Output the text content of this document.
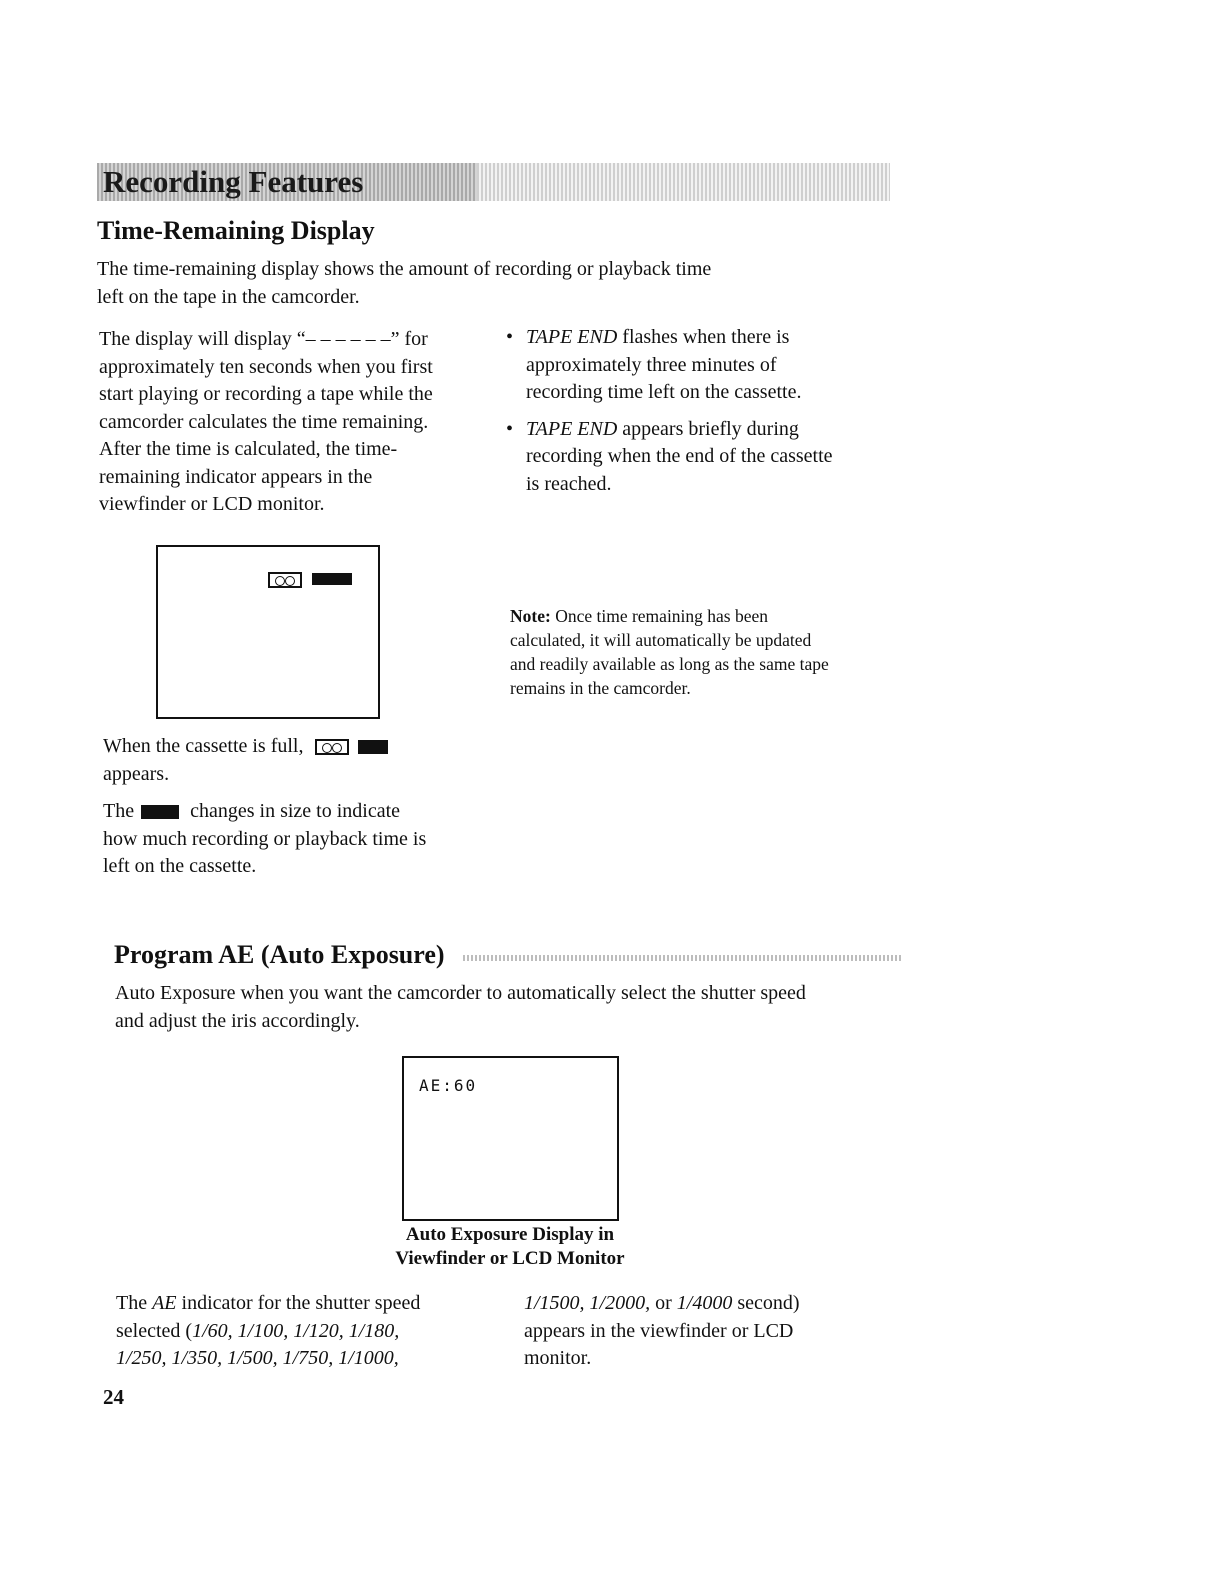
Recording Features
Time-Remaining Display
The time-remaining display shows the amount of recording or playback time
left on the tape in the camcorder.
The display will display “– – – – – –” for
approximately ten seconds when you first
start playing or recording a tape while the
camcorder calculates the time remaining.
After the time is calculated, the time-
remaining indicator appears in the
viewfinder or LCD monitor.
• TAPE END flashes when there is
approximately three minutes of
recording time left on the cassette.
• TAPE END appears briefly during
recording when the end of the cassette
is reached.
Note: Once time remaining has been
calculated, it will automatically be updated
and readily available as long as the same tape
remains in the camcorder.
When the cassette is full,
appears.
The	changes in size to indicate
how much recording or playback time is
left on the cassette.
Program AE (Auto Exposure)
Auto Exposure when you want the camcorder to automatically select the shutter speed
and adjust the iris accordingly.
AE:60
Auto Exposure Display in
Viewfinder or LCD Monitor
The AE indicator for the shutter speed
selected (1/60, 1/100, 1/120, 1/180,
1/250, 1/350, 1/500, 1/750, 1/1000,
1/1500, 1/2000, or 1/4000 second)
appears in the viewfinder or LCD
monitor.
24
